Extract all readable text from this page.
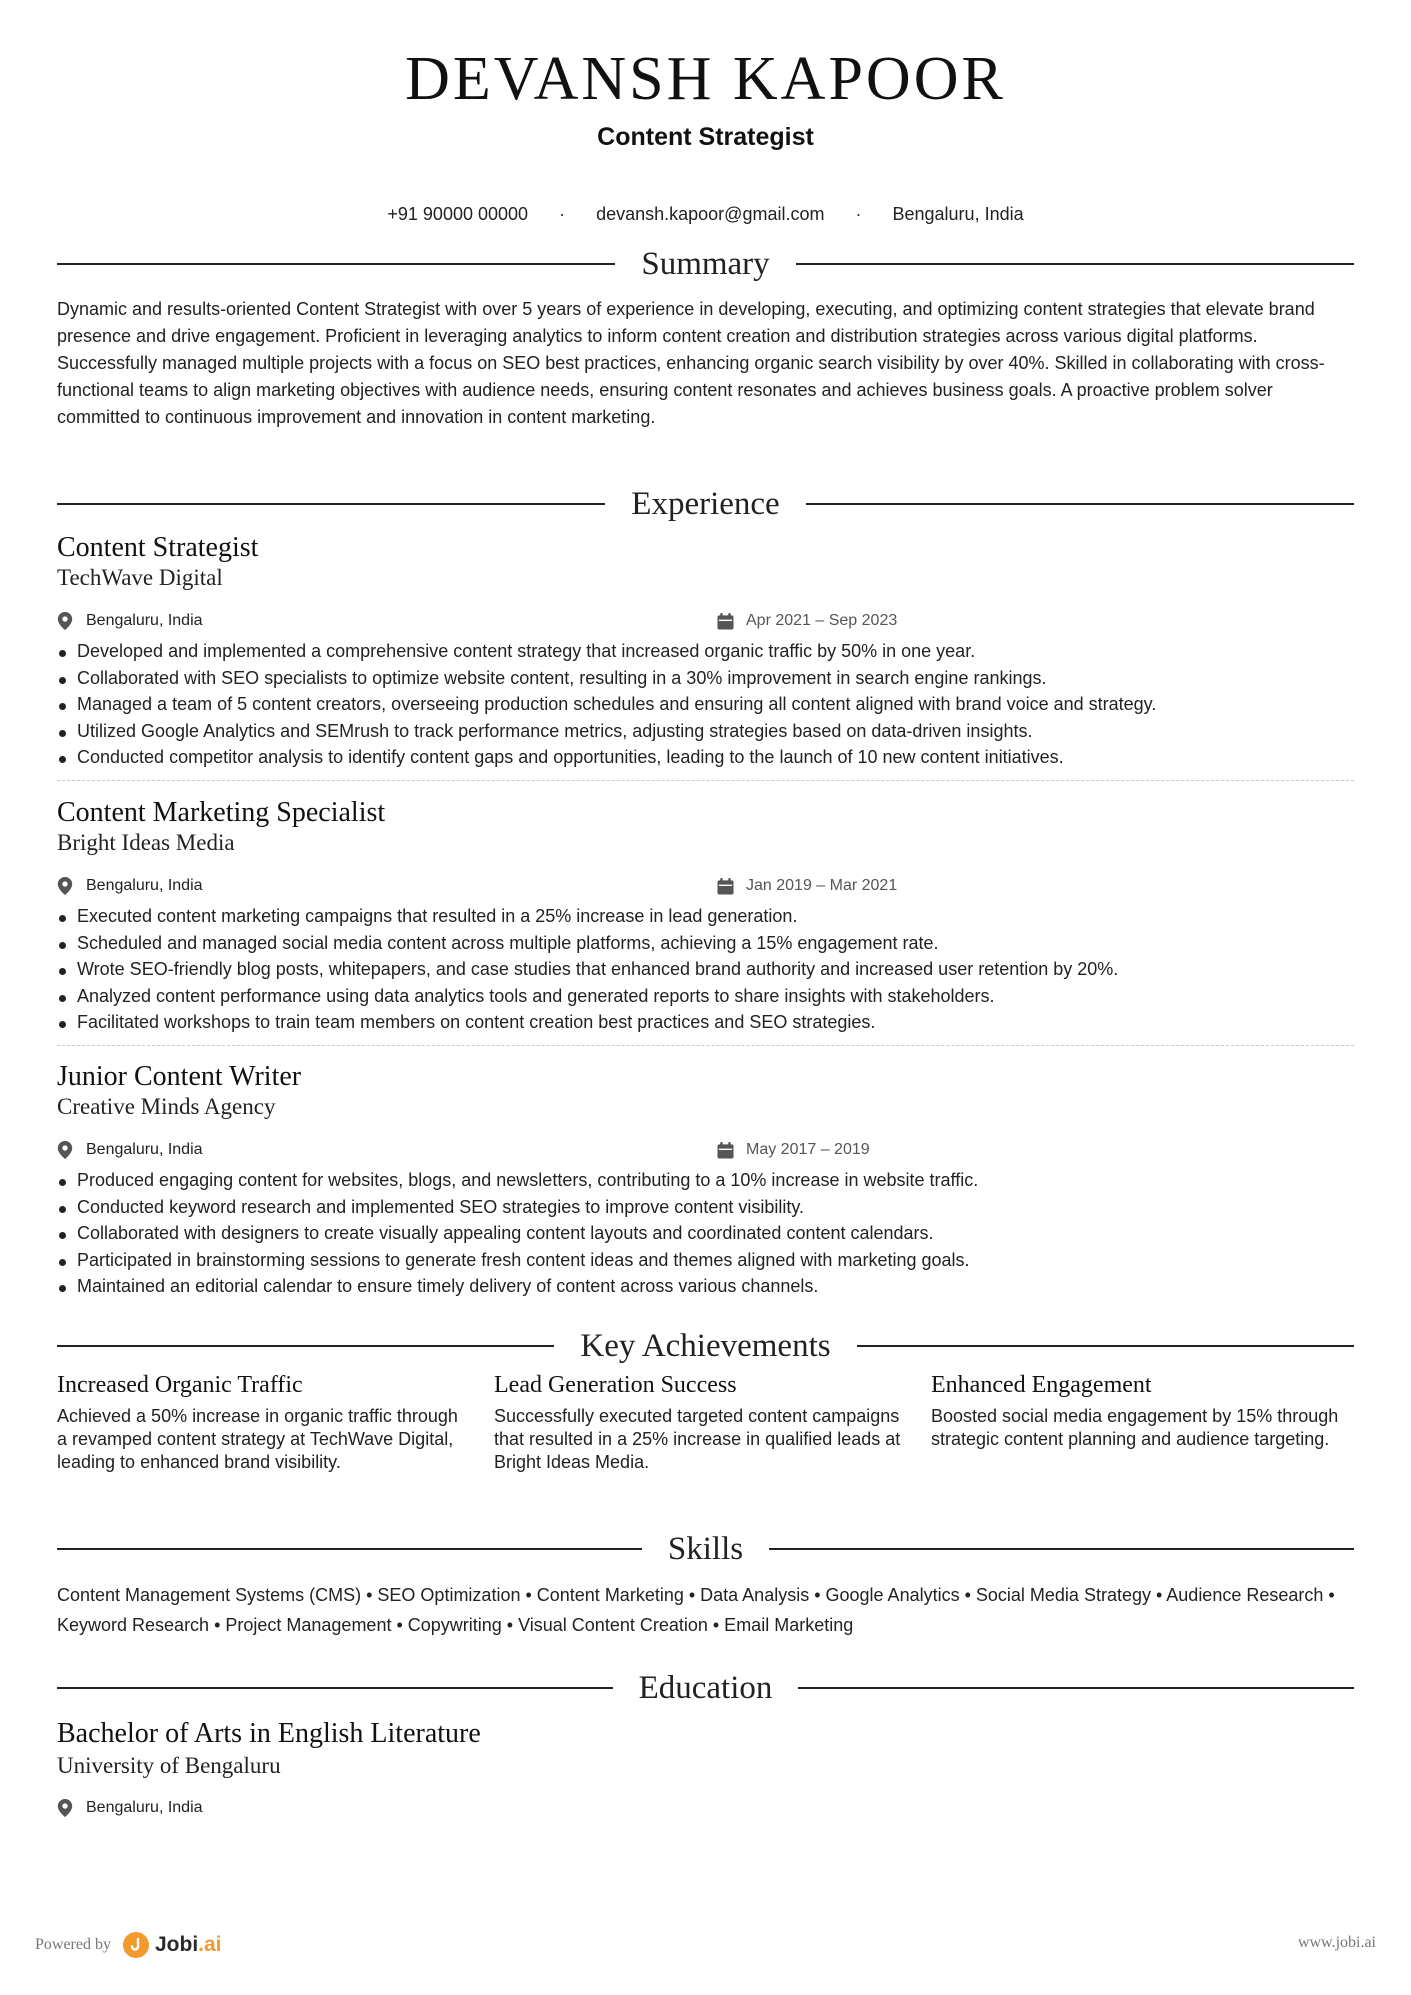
DEVANSH KAPOOR
Content Strategist
+91 90000 00000 · devansh.kapoor@gmail.com · Bengaluru, India
Summary

Dynamic and results-oriented Content Strategist with over 5 years of experience in developing, executing, and optimizing content strategies that elevate brand presence and drive engagement. Proficient in leveraging analytics to inform content creation and distribution strategies across various digital platforms. Successfully managed multiple projects with a focus on SEO best practices, enhancing organic search visibility by over 40%. Skilled in collaborating with cross-functional teams to align marketing objectives with audience needs, ensuring content resonates and achieves business goals. A proactive problem solver committed to continuous improvement and innovation in content marketing.

Experience
Content Strategist
TechWave Digital
Bengaluru, India	Apr 2021 – Sep 2023
Developed and implemented a comprehensive content strategy that increased organic traffic by 50% in one year.
Collaborated with SEO specialists to optimize website content, resulting in a 30% improvement in search engine rankings.
Managed a team of 5 content creators, overseeing production schedules and ensuring all content aligned with brand voice and strategy.
Utilized Google Analytics and SEMrush to track performance metrics, adjusting strategies based on data-driven insights.
Conducted competitor analysis to identify content gaps and opportunities, leading to the launch of 10 new content initiatives.
Content Marketing Specialist
Bright Ideas Media
Bengaluru, India	Jan 2019 – Mar 2021
Executed content marketing campaigns that resulted in a 25% increase in lead generation.
Scheduled and managed social media content across multiple platforms, achieving a 15% engagement rate.
Wrote SEO-friendly blog posts, whitepapers, and case studies that enhanced brand authority and increased user retention by 20%.
Analyzed content performance using data analytics tools and generated reports to share insights with stakeholders.
Facilitated workshops to train team members on content creation best practices and SEO strategies.
Junior Content Writer
Creative Minds Agency
Bengaluru, India	May 2017 – 2019
Produced engaging content for websites, blogs, and newsletters, contributing to a 10% increase in website traffic.
Conducted keyword research and implemented SEO strategies to improve content visibility.
Collaborated with designers to create visually appealing content layouts and coordinated content calendars.
Participated in brainstorming sessions to generate fresh content ideas and themes aligned with marketing goals.
Maintained an editorial calendar to ensure timely delivery of content across various channels.
Key Achievements
Increased Organic Traffic
Achieved a 50% increase in organic traffic through a revamped content strategy at TechWave Digital, leading to enhanced brand visibility.
Lead Generation Success
Successfully executed targeted content campaigns that resulted in a 25% increase in qualified leads at Bright Ideas Media.
Enhanced Engagement
Boosted social media engagement by 15% through strategic content planning and audience targeting.
Skills

Content Management Systems (CMS) • SEO Optimization • Content Marketing • Data Analysis • Google Analytics • Social Media Strategy • Audience Research • Keyword Research • Project Management • Copywriting • Visual Content Creation • Email Marketing

Education
Bachelor of Arts in English Literature
University of Bengaluru
Bengaluru, India
Powered by Jobi.ai	www.jobi.ai
